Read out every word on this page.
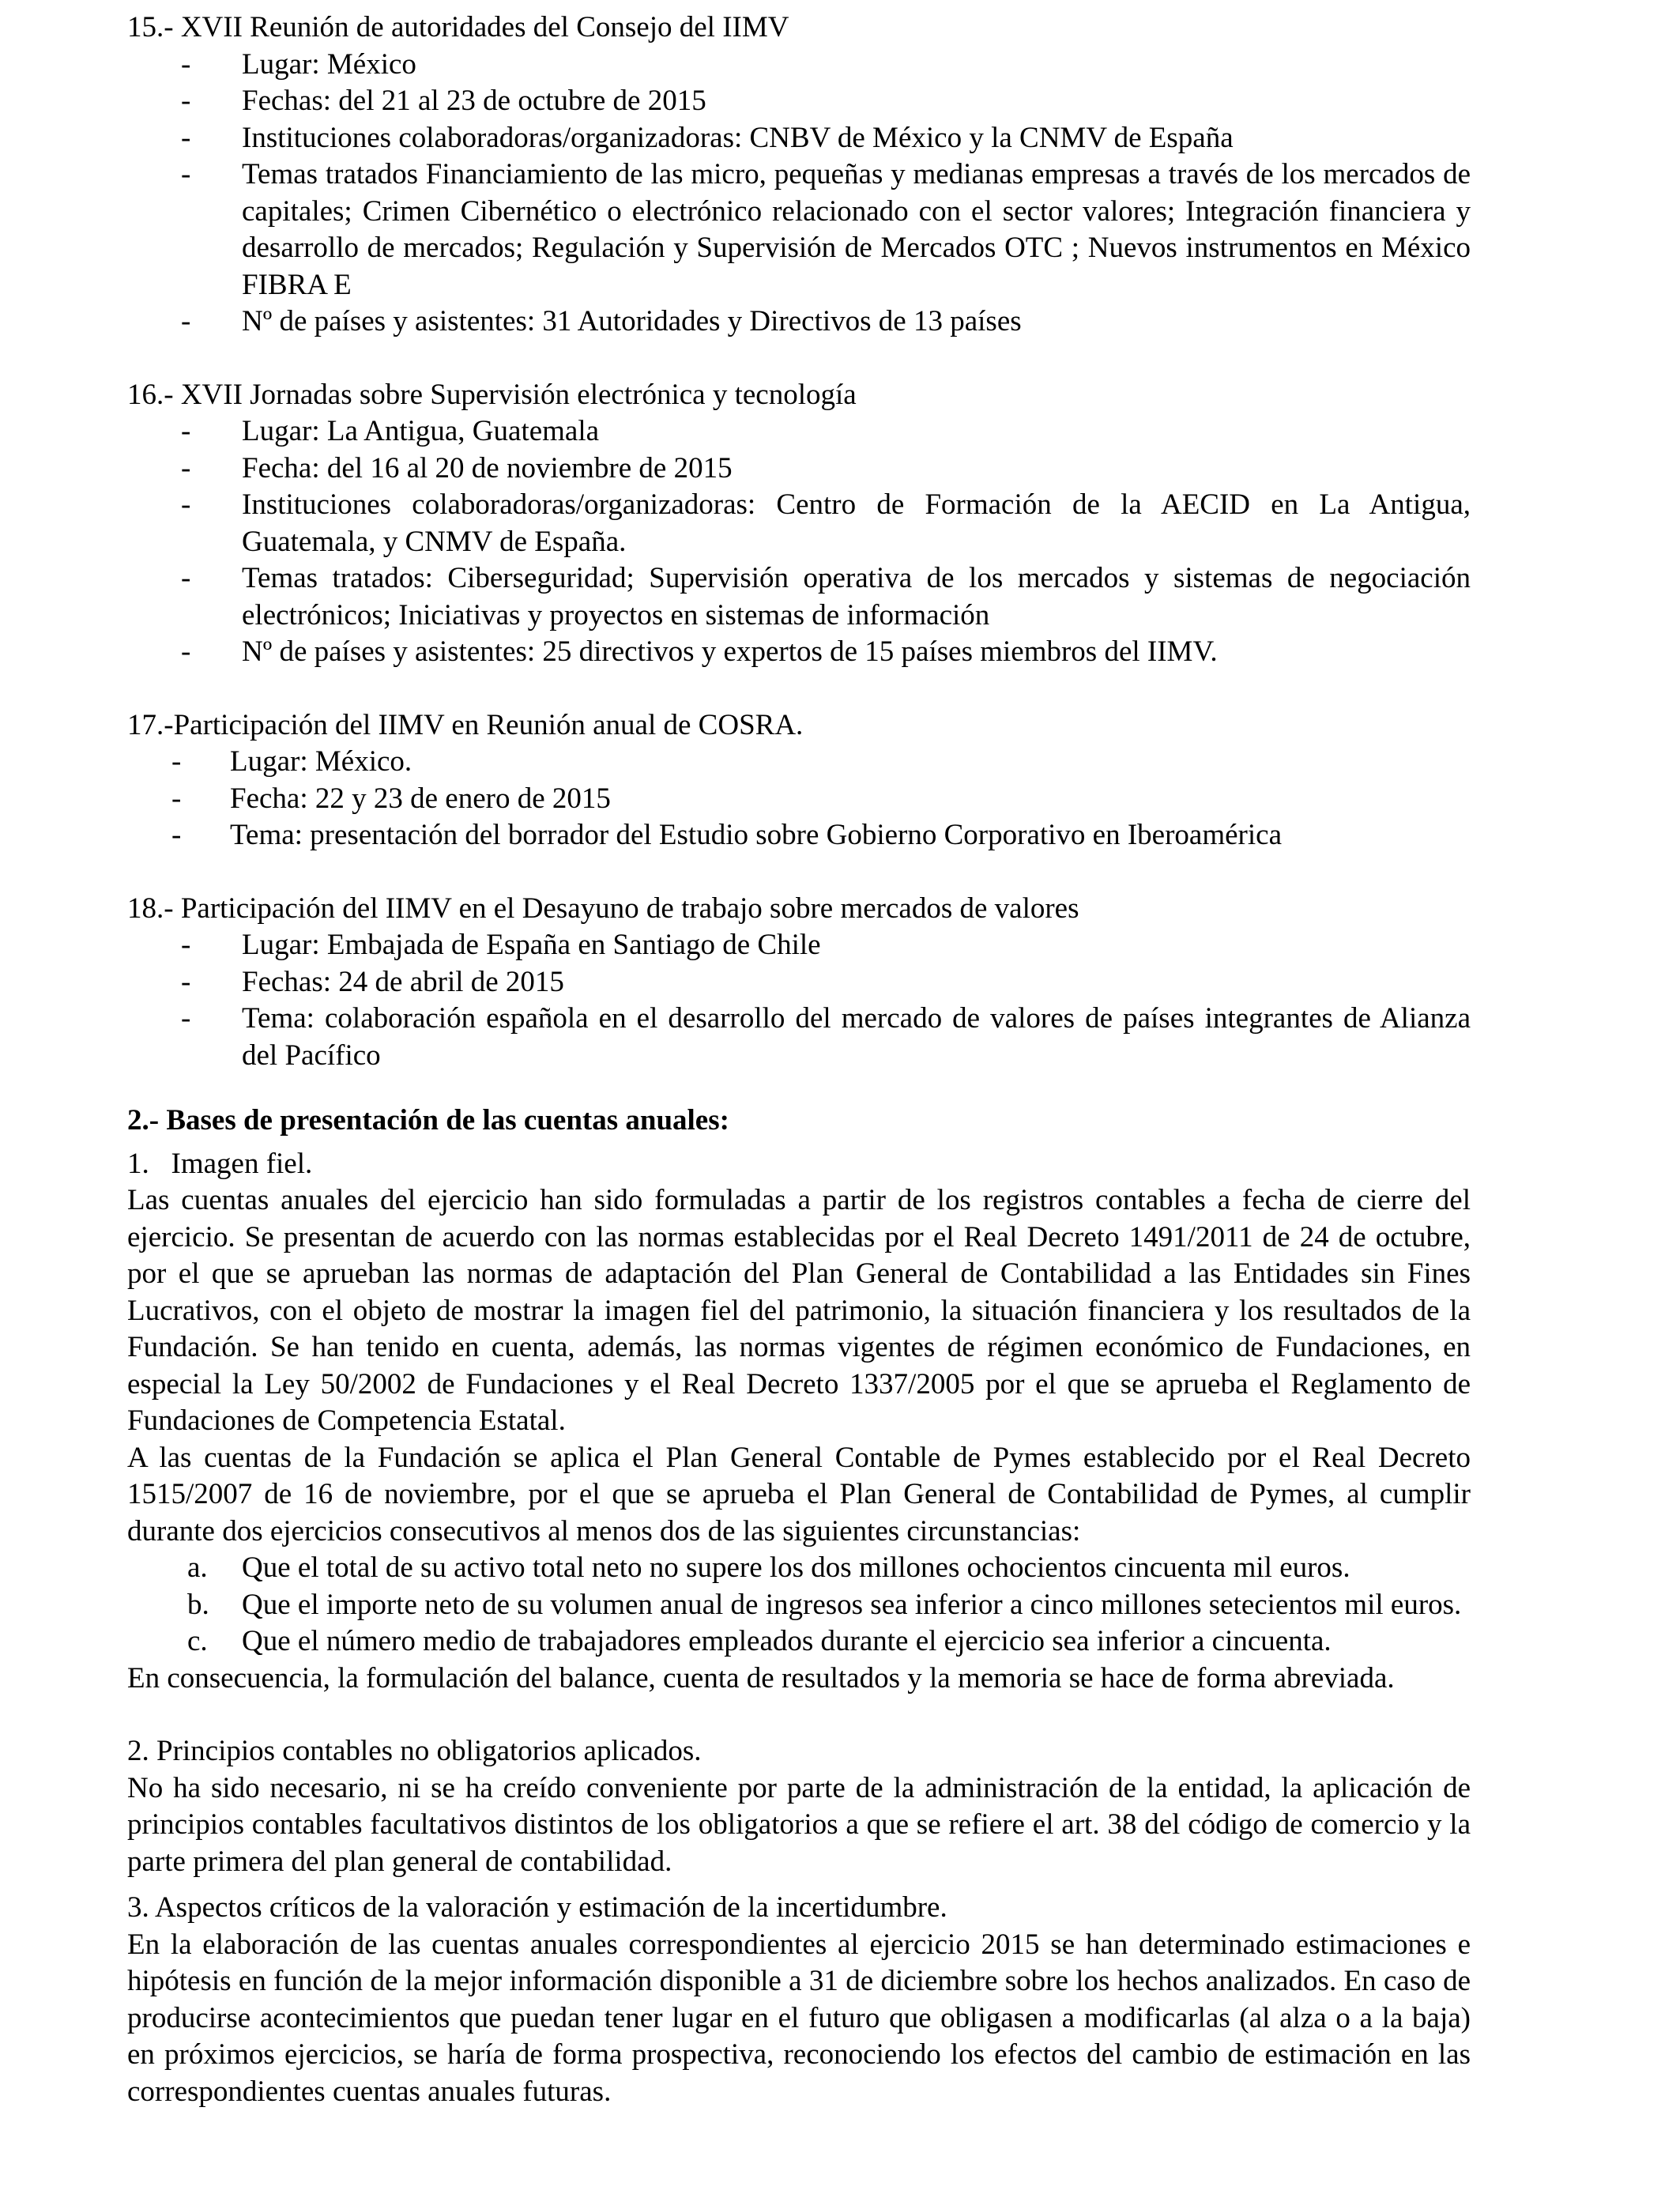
15.- XVII Reunión de autoridades del Consejo del IIMV

- Lugar: México
- Fechas: del 21 al 23 de octubre de 2015
- Instituciones colaboradoras/organizadoras: CNBV de México y la CNMV de España
- Temas tratados Financiamiento de las micro, pequeñas y medianas empresas a través de los mercados de capitales; Crimen Cibernético o electrónico relacionado con el sector valores; Integración financiera y desarrollo de mercados; Regulación y Supervisión de Mercados OTC ; Nuevos instrumentos en México FIBRA E
- Nº de países y asistentes: 31 Autoridades y Directivos de 13 países

16.- XVII Jornadas sobre Supervisión electrónica y tecnología

- Lugar: La Antigua, Guatemala
- Fecha: del 16 al 20 de noviembre de 2015
- Instituciones colaboradoras/organizadoras: Centro de Formación de la AECID en La Antigua, Guatemala, y CNMV de España.
- Temas tratados: Ciberseguridad; Supervisión operativa de los mercados y sistemas de negociación electrónicos; Iniciativas y proyectos en sistemas de información
- Nº de países y asistentes: 25 directivos y expertos de 15 países miembros del IIMV.

17.-Participación del IIMV en Reunión anual de COSRA.

- Lugar: México.
- Fecha: 22 y 23 de enero de 2015
- Tema: presentación del borrador del Estudio sobre Gobierno Corporativo en Iberoamérica

18.- Participación del IIMV en el Desayuno de trabajo sobre mercados de valores

- Lugar: Embajada de España en Santiago de Chile
- Fechas: 24 de abril de 2015
- Tema: colaboración española en el desarrollo del mercado de valores de países integrantes de Alianza del Pacífico

2.- Bases de presentación de las cuentas anuales:

1.   Imagen fiel.

Las cuentas anuales del ejercicio han sido formuladas a partir de los registros contables a fecha de cierre del ejercicio. Se presentan de acuerdo con las normas establecidas por el Real Decreto 1491/2011 de 24 de octubre, por el que se aprueban las normas de adaptación del Plan General de Contabilidad a las Entidades sin Fines Lucrativos, con el objeto de mostrar la imagen fiel del patrimonio, la situación financiera y los resultados de la Fundación. Se han tenido en cuenta, además, las normas vigentes de régimen económico de Fundaciones, en especial la Ley 50/2002 de Fundaciones y el Real Decreto 1337/2005 por el que se aprueba el Reglamento de Fundaciones de Competencia Estatal.

A las cuentas de la Fundación se aplica el Plan General Contable de Pymes establecido por el Real Decreto 1515/2007 de 16 de noviembre, por el que se aprueba el Plan General de Contabilidad de Pymes, al cumplir durante dos ejercicios consecutivos al menos dos de las siguientes circunstancias:

a. Que el total de su activo total neto no supere los dos millones ochocientos cincuenta mil euros.
b. Que el importe neto de su volumen anual de ingresos sea inferior a cinco millones setecientos mil euros.
c. Que el número medio de trabajadores empleados durante el ejercicio sea inferior a cincuenta.

En consecuencia, la formulación del balance, cuenta de resultados y la memoria se hace de forma abreviada.

2. Principios contables no obligatorios aplicados.

No ha sido necesario, ni se ha creído conveniente por parte de la administración de la entidad, la aplicación de principios contables facultativos distintos de los obligatorios a que se refiere el art. 38 del código de comercio y la parte primera del plan general de contabilidad.

3. Aspectos críticos de la valoración y estimación de la incertidumbre.

En la elaboración de las cuentas anuales correspondientes al ejercicio 2015 se han determinado estimaciones e hipótesis en función de la mejor información disponible a 31 de diciembre sobre los hechos analizados. En caso de producirse acontecimientos que puedan tener lugar en el futuro que obligasen a modificarlas (al alza o a la baja) en próximos ejercicios, se haría de forma prospectiva, reconociendo los efectos del cambio de estimación en las correspondientes cuentas anuales futuras.
